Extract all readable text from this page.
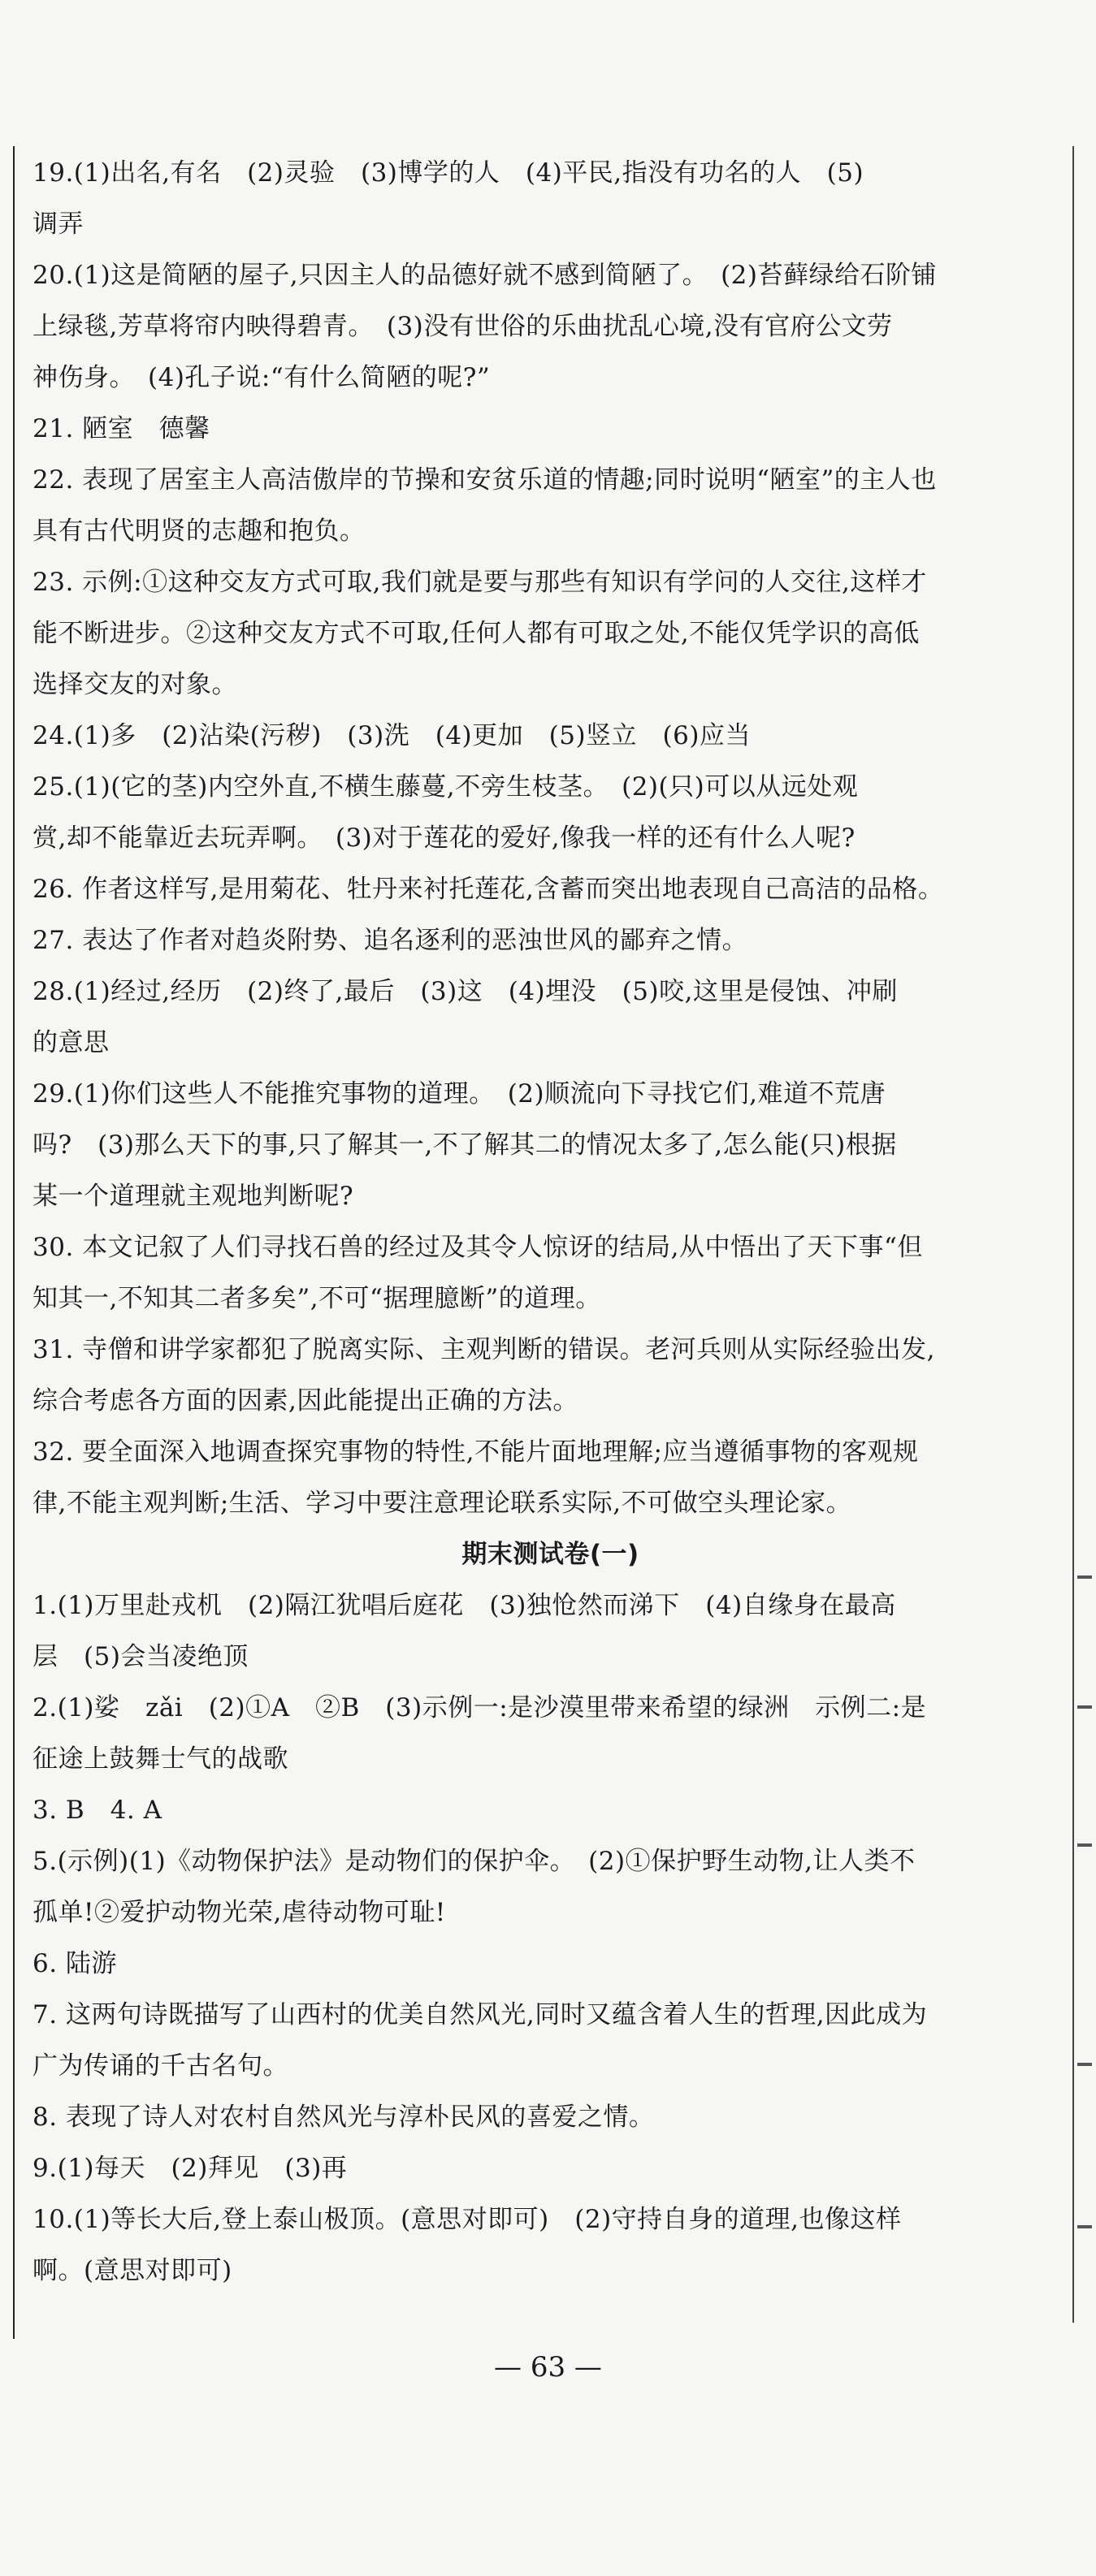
19.(1)出名,有名　(2)灵验　(3)博学的人　(4)平民,指没有功名的人　(5)
调弄
20.(1)这是简陋的屋子,只因主人的品德好就不感到简陋了。　(2)苔藓绿给石阶铺
上绿毯,芳草将帘内映得碧青。　(3)没有世俗的乐曲扰乱心境,没有官府公文劳
神伤身。　(4)孔子说:“有什么简陋的呢?”
21. 陋室　德馨
22. 表现了居室主人高洁傲岸的节操和安贫乐道的情趣;同时说明“陋室”的主人也
具有古代明贤的志趣和抱负。
23. 示例:①这种交友方式可取,我们就是要与那些有知识有学问的人交往,这样才
能不断进步。②这种交友方式不可取,任何人都有可取之处,不能仅凭学识的高低
选择交友的对象。
24.(1)多　(2)沾染(污秽)　(3)洗　(4)更加　(5)竖立　(6)应当
25.(1)(它的茎)内空外直,不横生藤蔓,不旁生枝茎。　(2)(只)可以从远处观
赏,却不能靠近去玩弄啊。　(3)对于莲花的爱好,像我一样的还有什么人呢?
26. 作者这样写,是用菊花、牡丹来衬托莲花,含蓄而突出地表现自己高洁的品格。
27. 表达了作者对趋炎附势、追名逐利的恶浊世风的鄙弃之情。
28.(1)经过,经历　(2)终了,最后　(3)这　(4)埋没　(5)咬,这里是侵蚀、冲刷
的意思
29.(1)你们这些人不能推究事物的道理。　(2)顺流向下寻找它们,难道不荒唐
吗?　(3)那么天下的事,只了解其一,不了解其二的情况太多了,怎么能(只)根据
某一个道理就主观地判断呢?
30. 本文记叙了人们寻找石兽的经过及其令人惊讶的结局,从中悟出了天下事“但
知其一,不知其二者多矣”,不可“据理臆断”的道理。
31. 寺僧和讲学家都犯了脱离实际、主观判断的错误。老河兵则从实际经验出发,
综合考虑各方面的因素,因此能提出正确的方法。
32. 要全面深入地调查探究事物的特性,不能片面地理解;应当遵循事物的客观规
律,不能主观判断;生活、学习中要注意理论联系实际,不可做空头理论家。
期末测试卷(一)
1.(1)万里赴戎机　(2)隔江犹唱后庭花　(3)独怆然而涕下　(4)自缘身在最高
层　(5)会当凌绝顶
2.(1)娑　zǎi　(2)①A　②B　(3)示例一:是沙漠里带来希望的绿洲　示例二:是
征途上鼓舞士气的战歌
3. B　4. A
5.(示例)(1)《动物保护法》是动物们的保护伞。　(2)①保护野生动物,让人类不
孤单!②爱护动物光荣,虐待动物可耻!
6. 陆游
7. 这两句诗既描写了山西村的优美自然风光,同时又蕴含着人生的哲理,因此成为
广为传诵的千古名句。
8. 表现了诗人对农村自然风光与淳朴民风的喜爱之情。
9.(1)每天　(2)拜见　(3)再
10.(1)等长大后,登上泰山极顶。(意思对即可)　(2)守持自身的道理,也像这样
啊。(意思对即可)
— 63 —
